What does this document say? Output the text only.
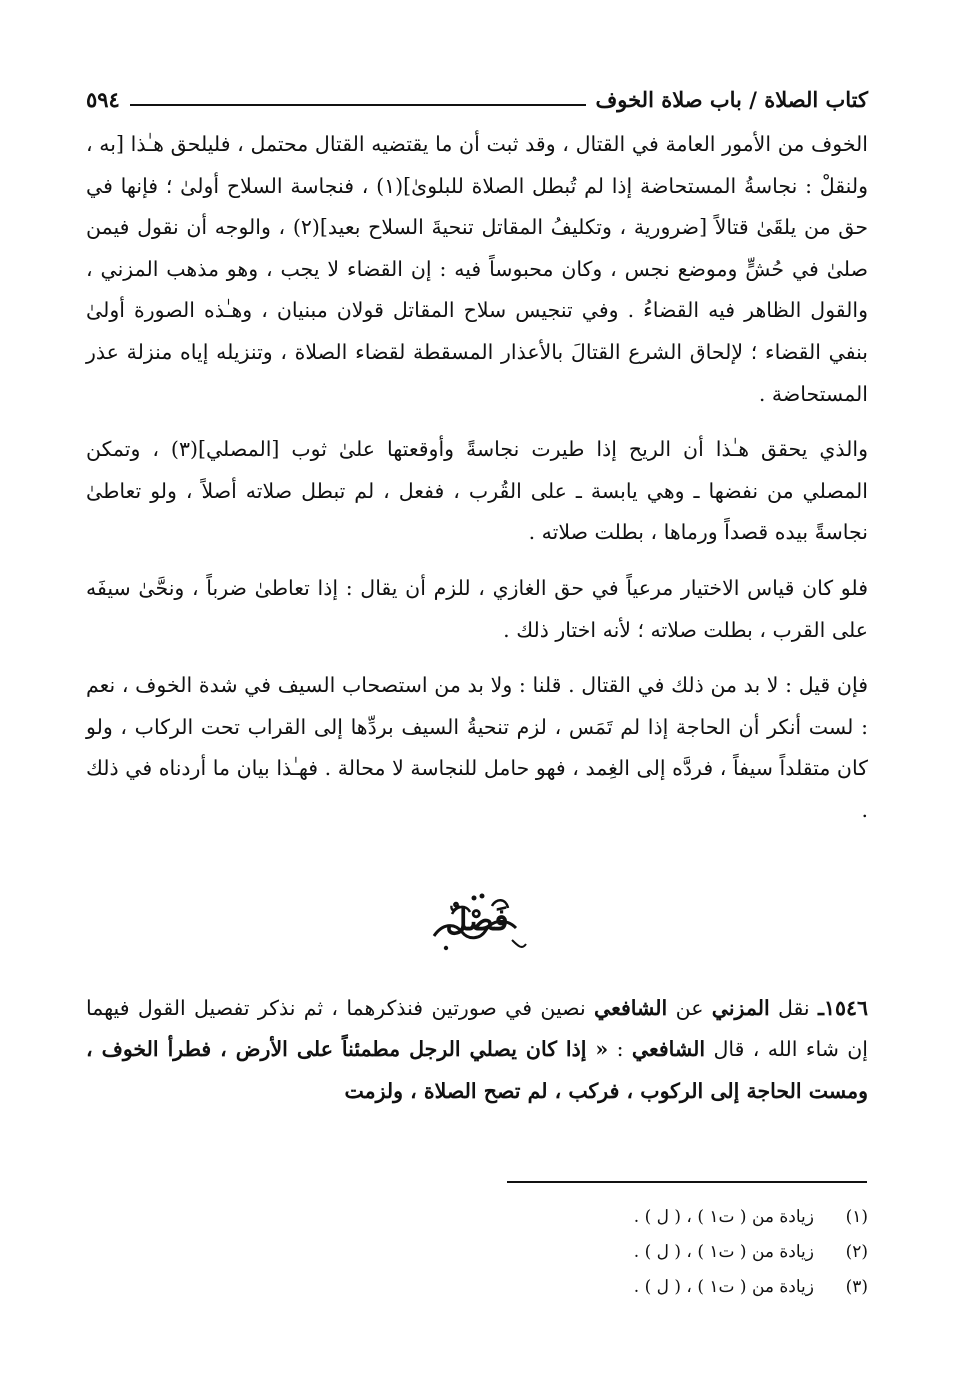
كتاب الصلاة / باب صلاة الخوف
٥٩٤

الخوف من الأمور العامة في القتال ، وقد ثبت أن ما يقتضيه القتال محتمل ، فليلحق هـٰذا [به ، ولنقلْ : نجاسةُ المستحاضة إذا لم تُبطل الصلاة للبلوىٰ](١) ، فنجاسة السلاح أولىٰ ؛ فإنها في حق من يلقَىٰ قتالاً [ضرورية ، وتكليفُ المقاتل تنحيةَ السلاح بعيد](٢) ، والوجه أن نقول فيمن صلىٰ في حُشٍّ وموضع نجس ، وكان محبوساً فيه : إن القضاء لا يجب ، وهو مذهب المزني ، والقول الظاهر فيه القضاءُ . وفي تنجيس سلاح المقاتل قولان مبنيان ، وهـٰذه الصورة أولىٰ بنفي القضاء ؛ لإلحاق الشرع القتالَ بالأعذار المسقطة لقضاء الصلاة ، وتنزيله إياه منزلة عذر المستحاضة .

والذي يحقق هـٰذا أن الريح إذا طيرت نجاسةً وأوقعتها علىٰ ثوب [المصلي](٣) ، وتمكن المصلي من نفضها ـ وهي يابسة ـ على القُرب ، ففعل ، لم تبطل صلاته أصلاً ، ولو تعاطىٰ نجاسةً بيده قصداً ورماها ، بطلت صلاته .

فلو كان قياس الاختيار مرعياً في حق الغازي ، للزم أن يقال : إذا تعاطىٰ ضرباً ، ونحَّىٰ سيفَه على القرب ، بطلت صلاته ؛ لأنه اختار ذلك .

فإن قيل : لا بد من ذلك في القتال . قلنا : ولا بد من استصحاب السيف في شدة الخوف ، نعم : لست أنكر أن الحاجة إذا لم تَمَس ، لزم تنحيةُ السيف بردِّها إلى القراب تحت الركاب ، ولو كان متقلداً سيفاً ، فردَّه إلى الغِمد ، فهو حامل للنجاسة لا محالة . فهـٰذا بيان ما أردناه في ذلك .

فَصْلٌ

١٥٤٦ـ نقل المزني عن الشافعي نصين في صورتين فنذكرهما ، ثم نذكر تفصيل القول فيهما إن شاء الله ، قال الشافعي : « إذا كان يصلي الرجل مطمئناً على الأرض ، فطرأ الخوف ، ومست الحاجة إلى الركوب ، فركب ، لم تصح الصلاة ، ولزمت

(١)
زيادة من ( ت١ ) ، ( ل ) .
(٢)
زيادة من ( ت١ ) ، ( ل ) .
(٣)
زيادة من ( ت١ ) ، ( ل ) .
